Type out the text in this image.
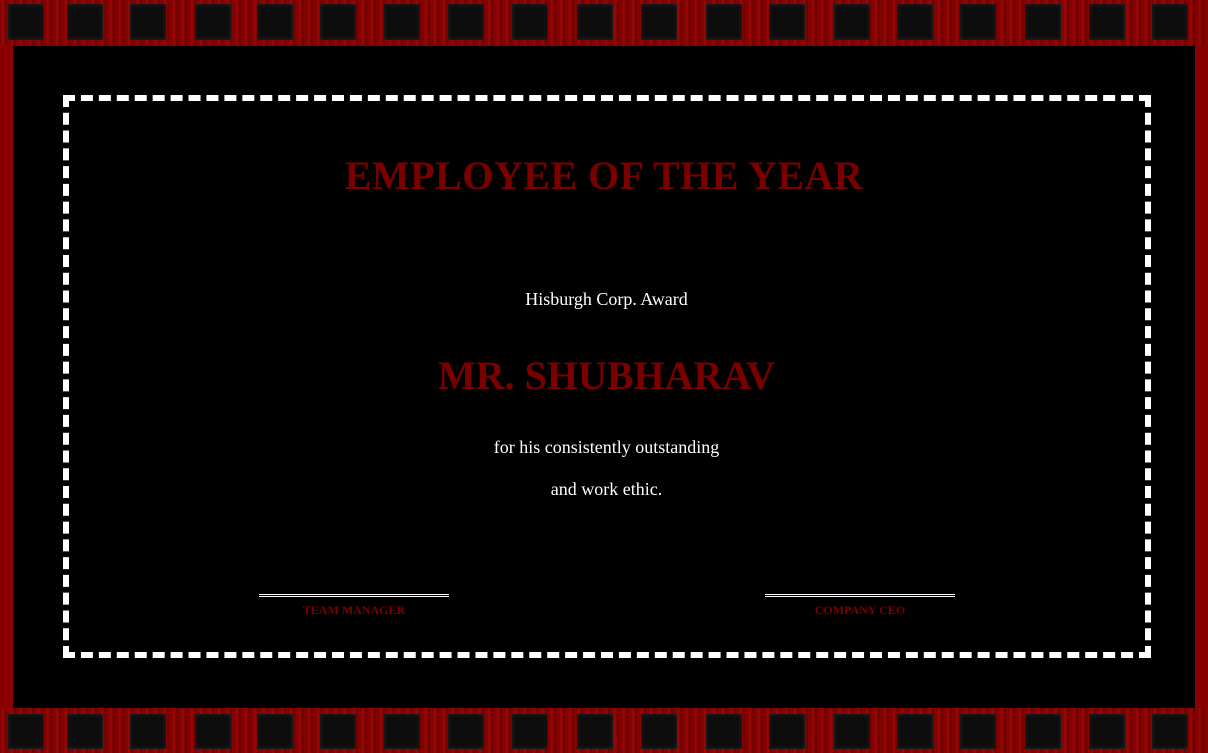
EMPLOYEE OF THE YEAR
Hisburgh Corp. Award
MR. SHUBHARAV
for his consistently outstanding
and work ethic.
TEAM MANAGER	COMPANY CEO
